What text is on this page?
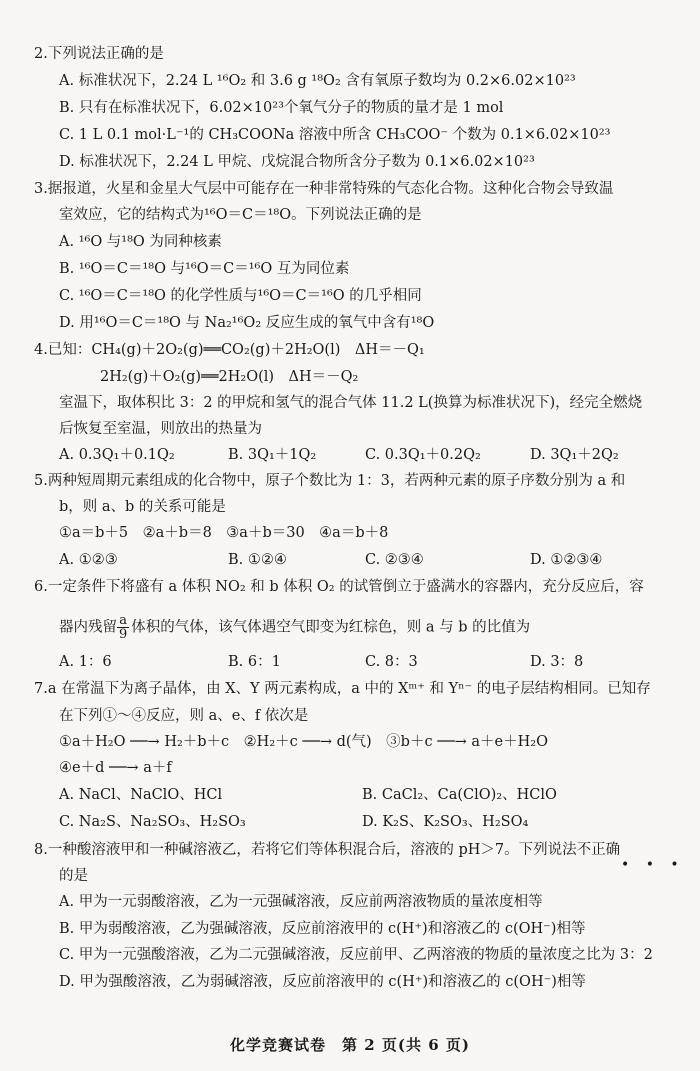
2.下列说法正确的是
A. 标准状况下，2.24 L ¹⁶O₂ 和 3.6 g ¹⁸O₂ 含有氧原子数均为 0.2×6.02×10²³
B. 只有在标准状况下，6.02×10²³个氧气分子的物质的量才是 1 mol
C. 1 L 0.1 mol·L⁻¹的 CH₃COONa 溶液中所含 CH₃COO⁻ 个数为 0.1×6.02×10²³
D. 标准状况下，2.24 L 甲烷、戊烷混合物所含分子数为 0.1×6.02×10²³
3.据报道，火星和金星大气层中可能存在一种非常特殊的气态化合物。这种化合物会导致温
室效应，它的结构式为¹⁶O＝C＝¹⁸O。下列说法正确的是
A. ¹⁶O 与¹⁸O 为同种核素
B. ¹⁶O＝C＝¹⁸O 与¹⁶O＝C＝¹⁶O 互为同位素
C. ¹⁶O＝C＝¹⁸O 的化学性质与¹⁶O＝C＝¹⁶O 的几乎相同
D. 用¹⁶O＝C＝¹⁸O 与 Na₂¹⁶O₂ 反应生成的氧气中含有¹⁸O
4.已知：CH₄(g)＋2O₂(g)══CO₂(g)＋2H₂O(l)　ΔH＝－Q₁
2H₂(g)＋O₂(g)══2H₂O(l)　ΔH＝－Q₂
室温下，取体积比 3：2 的甲烷和氢气的混合气体 11.2 L(换算为标准状况下)，经完全燃烧
后恢复至室温，则放出的热量为
A. 0.3Q₁＋0.1Q₂	B. 3Q₁＋1Q₂	C. 0.3Q₁＋0.2Q₂	D. 3Q₁＋2Q₂
5.两种短周期元素组成的化合物中，原子个数比为 1：3，若两种元素的原子序数分别为 a 和
b，则 a、b 的关系可能是
①a＝b＋5　②a＋b＝8　③a＋b＝30　④a＝b＋8
A. ①②③	B. ①②④	C. ②③④	D. ①②③④
6.一定条件下将盛有 a 体积 NO₂ 和 b 体积 O₂ 的试管倒立于盛满水的容器内，充分反应后，容
器内残留 $\frac{a}{9}$ 体积的气体，该气体遇空气即变为红棕色，则 a 与 b 的比值为
A. 1：6	B. 6：1	C. 8：3	D. 3：8
7.a 在常温下为离子晶体，由 X、Y 两元素构成，a 中的 Xᵐ⁺ 和 Yⁿ⁻ 的电子层结构相同。已知存
在下列①～④反应，则 a、e、f 依次是
①a＋H₂O ──→ H₂＋b＋c　②H₂＋c ──→ d(气)　③b＋c ──→ a＋e＋H₂O
④e＋d ──→ a＋f
A. NaCl、NaClO、HCl	B. CaCl₂、Ca(ClO)₂、HClO
C. Na₂S、Na₂SO₃、H₂SO₃	D. K₂S、K₂SO₃、H₂SO₄
8.一种酸溶液甲和一种碱溶液乙，若将它们等体积混合后，溶液的 pH＞7。下列说法不正确
• • •
的是
A. 甲为一元弱酸溶液，乙为一元强碱溶液，反应前两溶液物质的量浓度相等
B. 甲为弱酸溶液，乙为强碱溶液，反应前溶液甲的 c(H⁺)和溶液乙的 c(OH⁻)相等
C. 甲为一元强酸溶液，乙为二元强碱溶液，反应前甲、乙两溶液的物质的量浓度之比为 3：2
D. 甲为强酸溶液，乙为弱碱溶液，反应前溶液甲的 c(H⁺)和溶液乙的 c(OH⁻)相等
化学竞赛试卷　第 2 页(共 6 页)
